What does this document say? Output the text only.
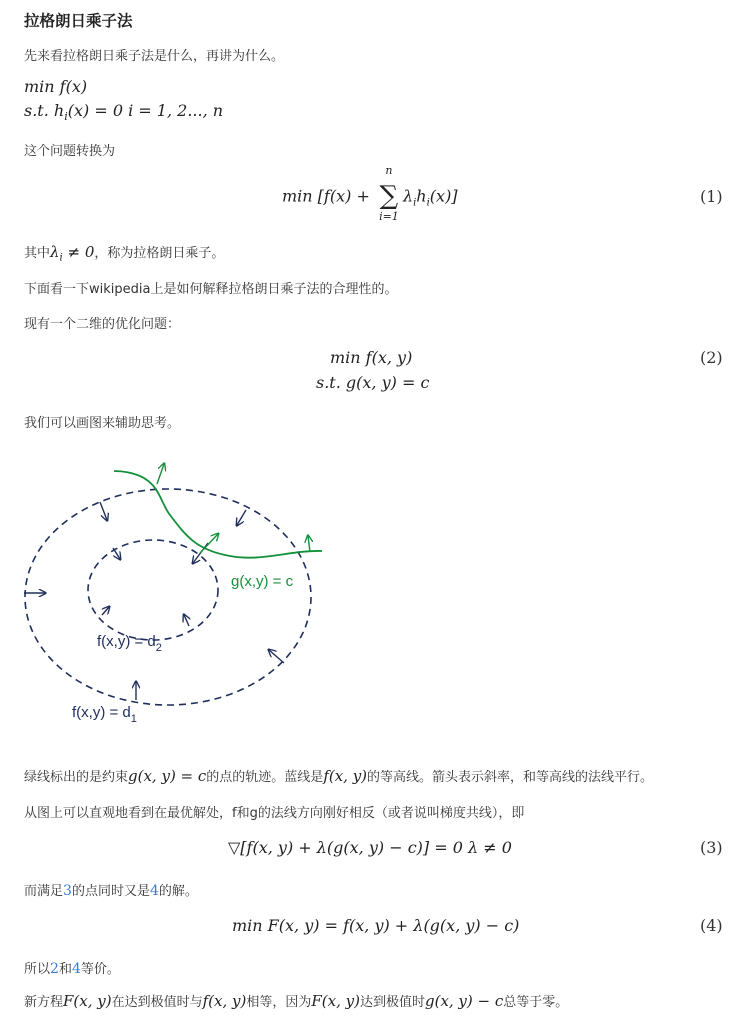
拉格朗日乘子法
先来看拉格朗日乘子法是什么，再讲为什么。
min f(x)
s.t. $h_i(x) = 0$ i = 1, 2..., n
这个问题转换为
min [f(x) +
n
∑
i=1
$\lambda_ih_i(x)$]	(1)
其中$\lambda_i \ne 0$，称为拉格朗日乘子。
下面看一下wikipedia上是如何解释拉格朗日乘子法的合理性的。
现有一个二维的优化问题：
min f(x, y)
s.t. g(x, y) = c
(2)
我们可以画图来辅助思考。
g(x,y) = c
$f(x,y) = d_2$
$f(x,y) = d_1$
绿线标出的是约束g(x, y) = c的点的轨迹。蓝线是f(x, y)的等高线。箭头表示斜率，和等高线的法线平行。
从图上可以直观地看到在最优解处，f和g的法线方向刚好相反（或者说叫梯度共线），即
▽[f(x, y) + λ(g(x, y) − c)] = 0 λ ≠ 0	(3)
而满足3的点同时又是4的解。
min F(x, y) = f(x, y) + λ(g(x, y) − c)	(4)
所以2和4等价。
新方程F(x, y)在达到极值时与f(x, y)相等，因为F(x, y)达到极值时g(x, y) − c总等于零。
